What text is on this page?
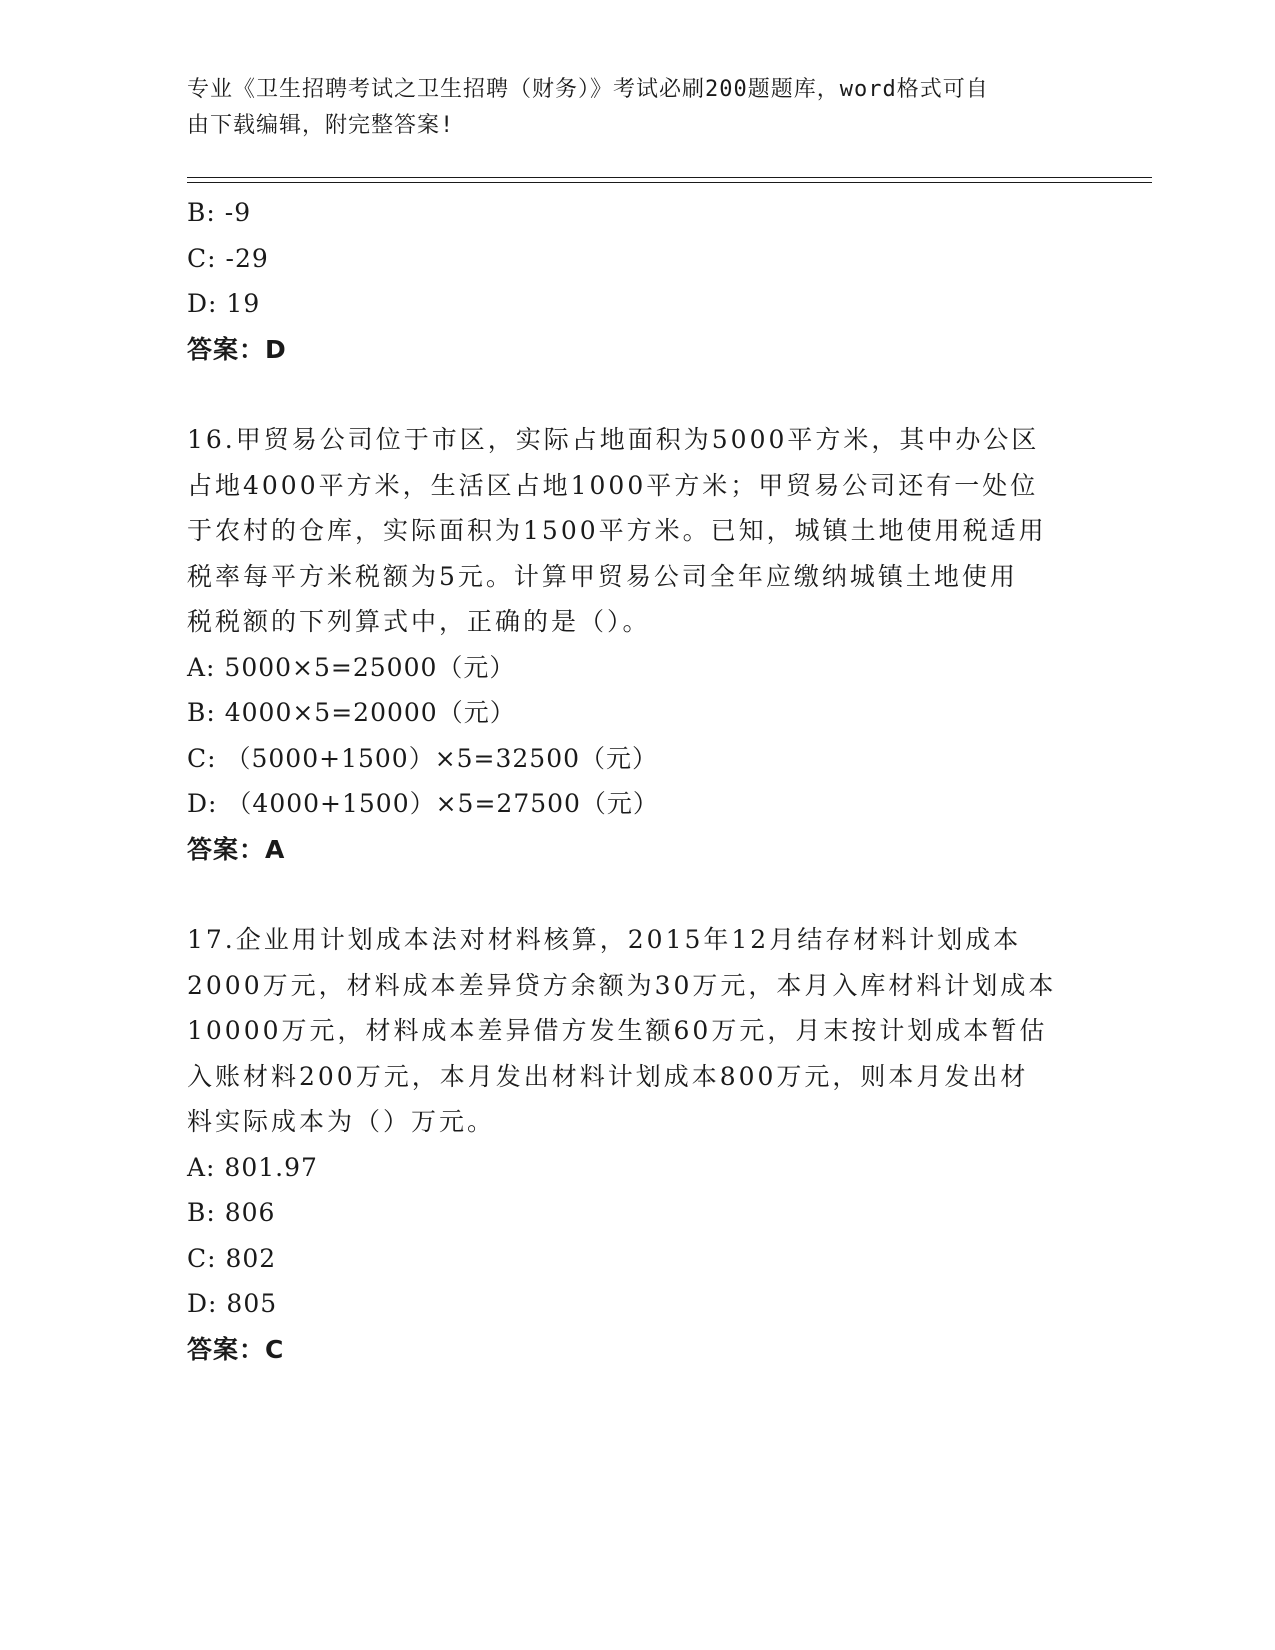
专业《卫生招聘考试之卫生招聘（财务）》考试必刷200题题库，word格式可自
由下载编辑，附完整答案!
B: -9
C: -29
D: 19
答案：D
16.甲贸易公司位于市区，实际占地面积为5000平方米，其中办公区
占地4000平方米，生活区占地1000平方米；甲贸易公司还有一处位
于农村的仓库，实际面积为1500平方米。已知，城镇土地使用税适用
税率每平方米税额为5元。计算甲贸易公司全年应缴纳城镇土地使用
税税额的下列算式中，正确的是（）。
A: 5000×5=25000（元）
B: 4000×5=20000（元）
C: （5000+1500）×5=32500（元）
D: （4000+1500）×5=27500（元）
答案：A
17.企业用计划成本法对材料核算，2015年12月结存材料计划成本
2000万元，材料成本差异贷方余额为30万元，本月入库材料计划成本
10000万元，材料成本差异借方发生额60万元，月末按计划成本暂估
入账材料200万元，本月发出材料计划成本800万元，则本月发出材
料实际成本为（）万元。
A: 801.97
B: 806
C: 802
D: 805
答案：C
